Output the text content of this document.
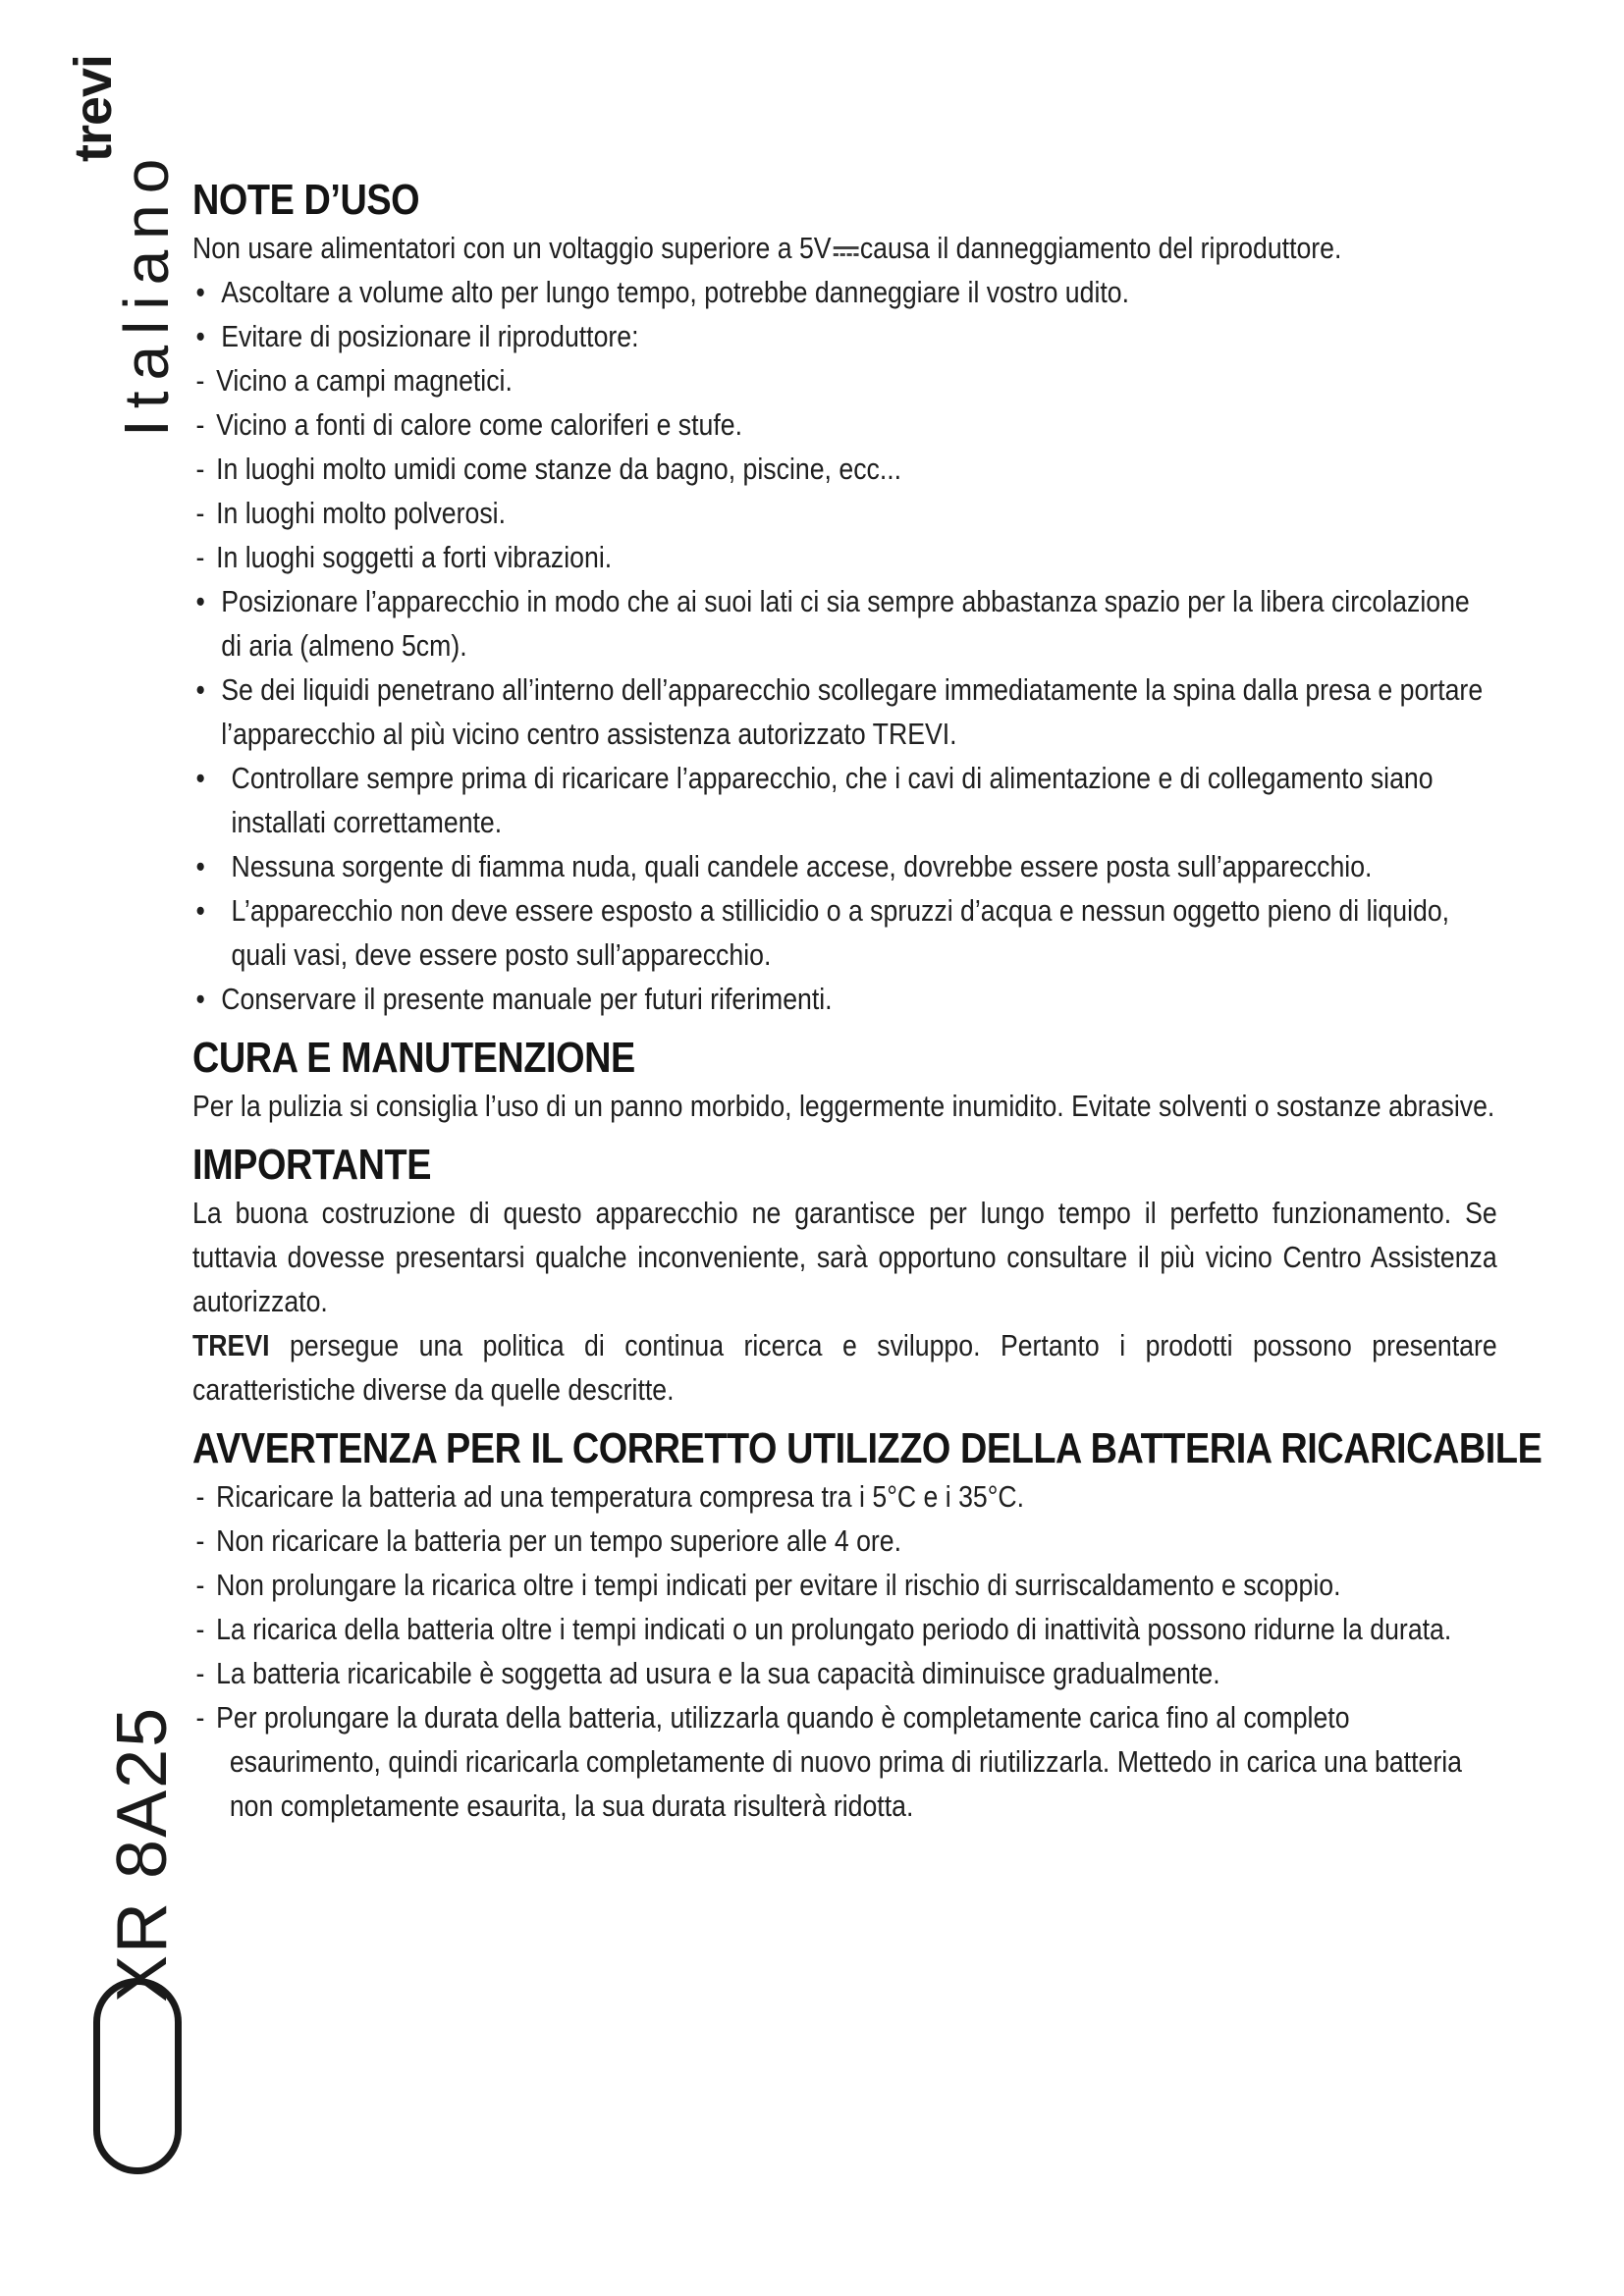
Italiano
XR 8A25
trevi
NOTE D’USO

Non usare alimentatori con un voltaggio superiore a 5V causa il danneggiamento del riproduttore.

• Ascoltare a volume alto per lungo tempo, potrebbe danneggiare il vostro udito.
• Evitare di posizionare il riproduttore:
- Vicino a campi magnetici.
- Vicino a fonti di calore come caloriferi e stufe.
- In luoghi molto umidi come stanze da bagno, piscine, ecc...
- In luoghi molto polverosi.
- In luoghi soggetti a forti vibrazioni.
• Posizionare l’apparecchio in modo che ai suoi lati ci sia sempre abbastanza spazio per la libera circolazione di aria (almeno 5cm).
• Se dei liquidi penetrano all’interno dell’apparecchio scollegare immediatamente la spina dalla presa e portare l’apparecchio al più vicino centro assistenza autorizzato TREVI.
• Controllare sempre prima di ricaricare l’apparecchio, che i cavi di alimentazione e di collegamento siano installati correttamente.
• Nessuna sorgente di fiamma nuda, quali candele accese, dovrebbe essere posta sull’apparecchio.
• L’apparecchio non deve essere esposto a stillicidio o a spruzzi d’acqua e nessun oggetto pieno di liquido, quali vasi, deve essere posto sull’apparecchio.
• Conservare il presente manuale per futuri riferimenti.
CURA E MANUTENZIONE

Per la pulizia si consiglia l’uso di un panno morbido, leggermente inumidito. Evitate solventi o sostanze abrasive.

IMPORTANTE

La buona costruzione di questo apparecchio ne garantisce per lungo tempo il perfetto funzionamento. Se tuttavia dovesse presentarsi qualche inconveniente, sarà opportuno consultare il più vicino Centro Assistenza autorizzato.

TREVI persegue una politica di continua ricerca e sviluppo. Pertanto i prodotti possono presentare caratteristiche diverse da quelle descritte.

AVVERTENZA PER IL CORRETTO UTILIZZO DELLA BATTERIA RICARICABILE
- Ricaricare la batteria ad una temperatura compresa tra i 5°C e i 35°C.
- Non ricaricare la batteria per un tempo superiore alle 4 ore.
- Non prolungare la ricarica oltre i tempi indicati per evitare il rischio di surriscaldamento e scoppio.
- La ricarica della batteria oltre i tempi indicati o un prolungato periodo di inattività possono ridurne la durata.
- La batteria ricaricabile è soggetta ad usura e la sua capacità diminuisce gradualmente.
- Per prolungare la durata della batteria, utilizzarla quando è completamente carica fino al completo esaurimento, quindi ricaricarla completamente di nuovo prima di riutilizzarla. Mettedo in carica una batteria non completamente esaurita, la sua durata risulterà ridotta.
